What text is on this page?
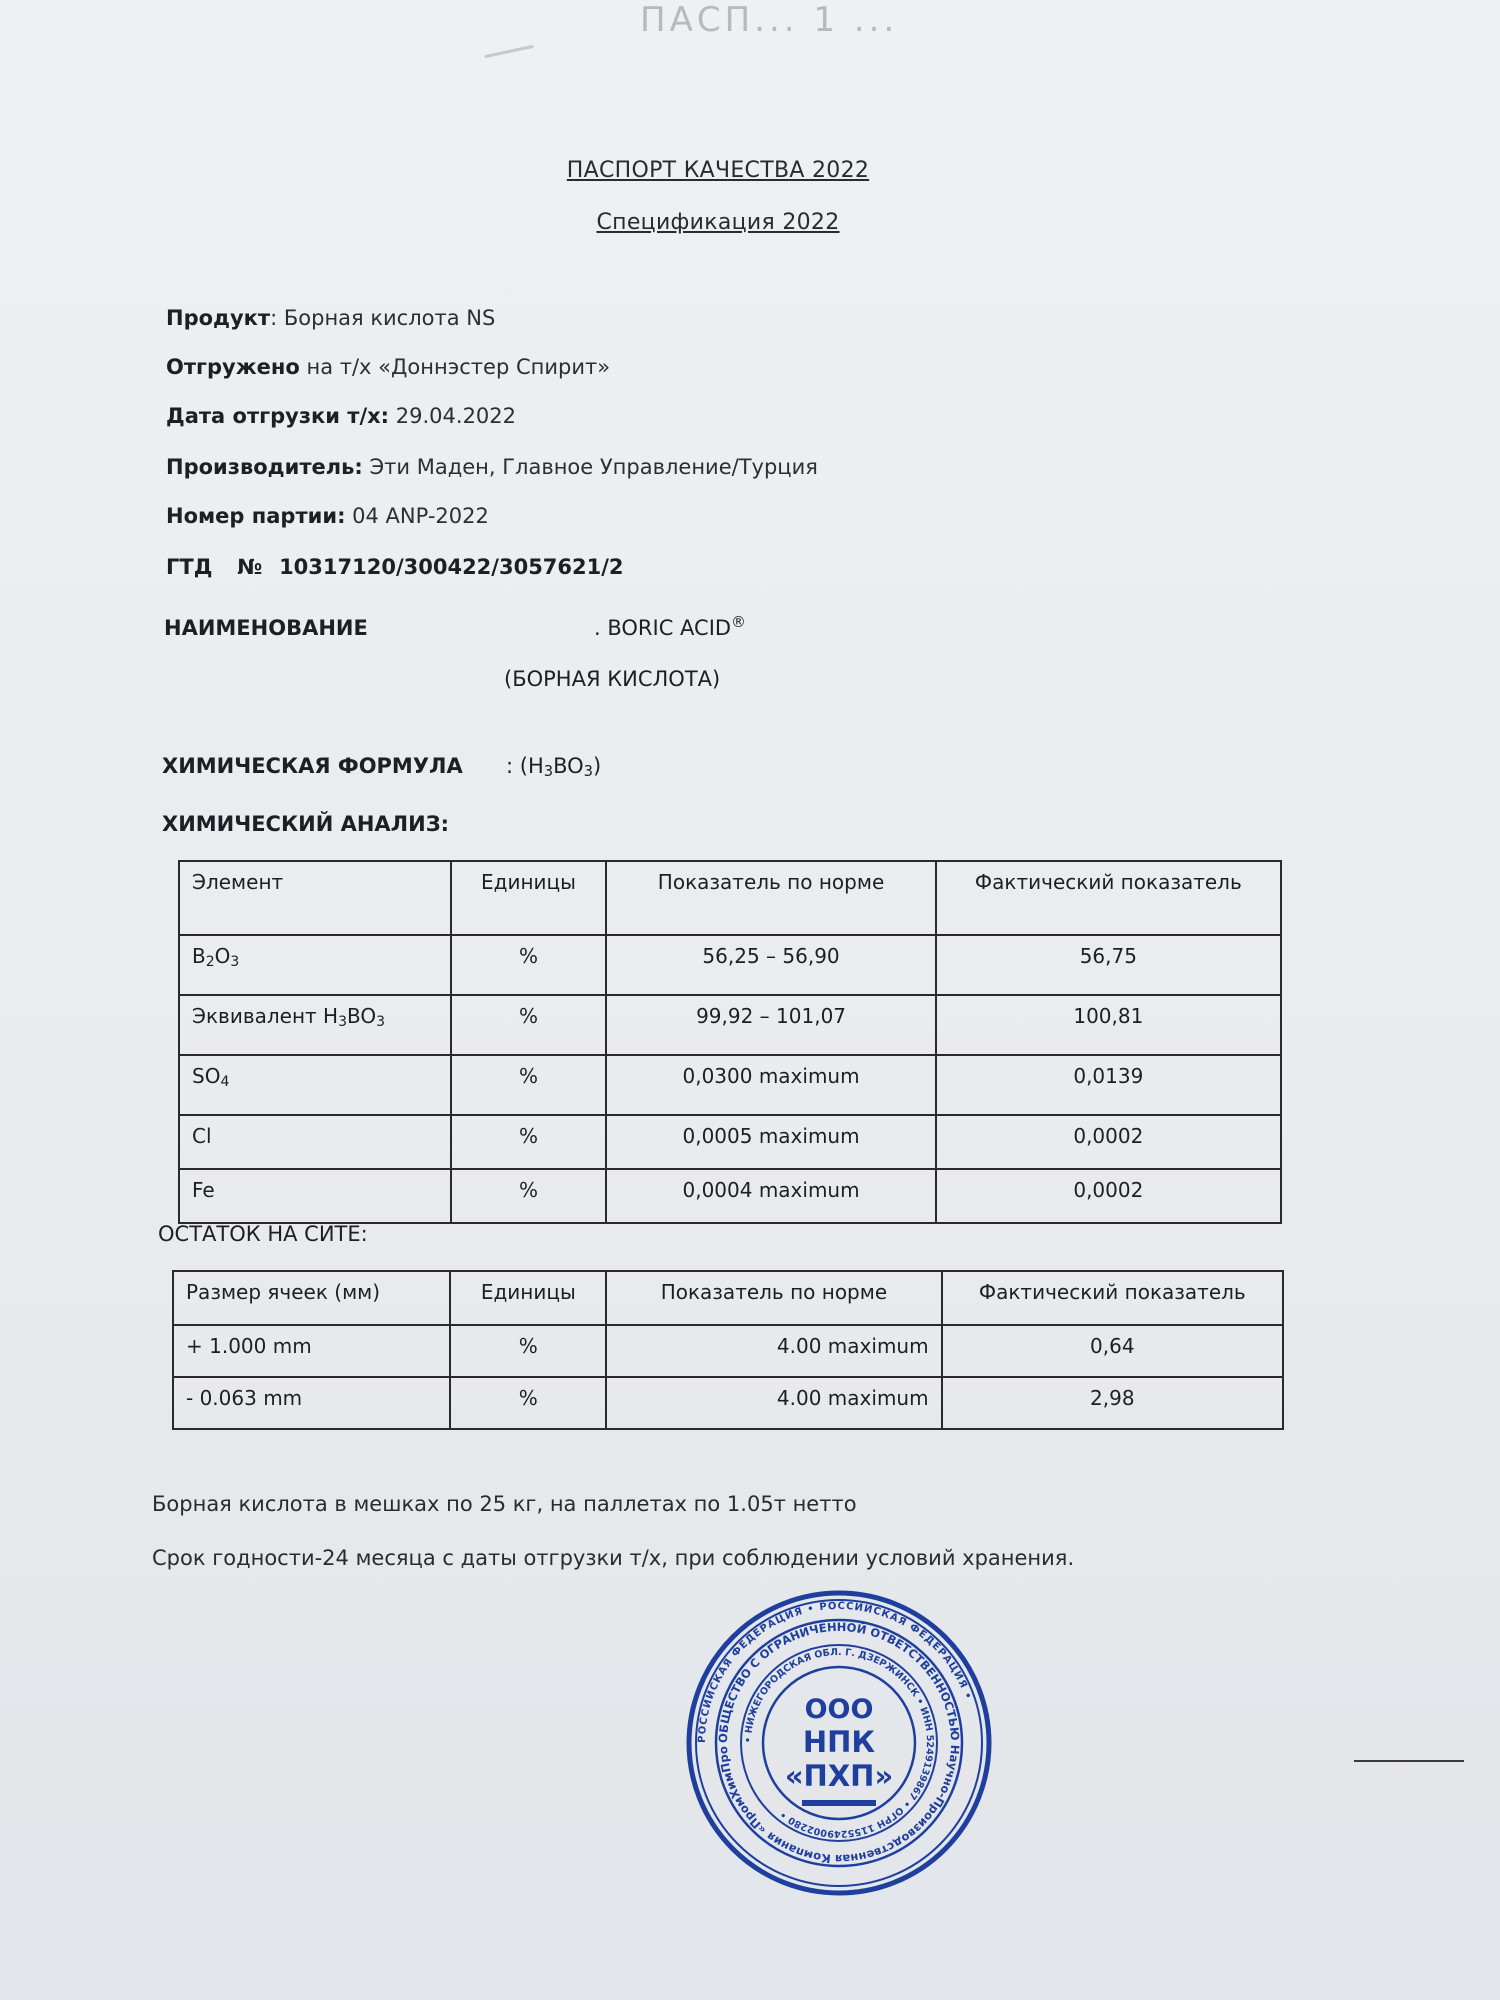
ПАСП... 1 ...
ПАСПОРТ КАЧЕСТВА 2022
Спецификация 2022
Продукт: Борная кислота NS
Отгружено на т/х «Доннэстер Спирит»
Дата отгрузки т/х: 29.04.2022
Производитель: Эти Маден, Главное Управление/Турция
Номер партии: 04 ANP-2022
ГТД № 10317120/300422/3057621/2
НАИМЕНОВАНИЕ	. BORIC ACID®
(БОРНАЯ КИСЛОТА)
ХИМИЧЕСКАЯ ФОРМУЛА : $(H_3BO_3)$
ХИМИЧЕСКИЙ АНАЛИЗ:
Элемент	Единицы	Показатель по норме	Фактический показатель
$B_2O_3$	%	56,25 – 56,90	56,75
Эквивалент $H_3BO_3$	%	99,92 – 101,07	100,81
$SO_4$	%	0,0300 maximum	0,0139
Cl	%	0,0005 maximum	0,0002
Fe	%	0,0004 maximum	0,0002
ОСТАТОК НА СИТЕ:
Размер ячеек (мм)	Единицы	Показатель по норме	Фактический показатель
+ 1.000 mm	%	4.00 maximum	0,64
- 0.063 mm	%	4.00 maximum	2,98
Борная кислота в мешках по 25 кг, на паллетах по 1.05т нетто
Срок годности-24 месяца с даты отгрузки т/х, при соблюдении условий хранения.
РОССИЙСКАЯ ФЕДЕРАЦИЯ • РОССИЙСКАЯ ФЕДЕРАЦИЯ •
ОБЩЕСТВО С ОГРАНИЧЕННОЙ ОТВЕТСТВЕННОСТЬЮ Научно-Производственная Компания «ПромХимПро
• НИЖЕГОРОДСКАЯ ОБЛ. Г. ДЗЕРЖИНСК • ИНН 5249139867 • ОГРН 1155249002280 •
ООО
НПК
«ПХП»
